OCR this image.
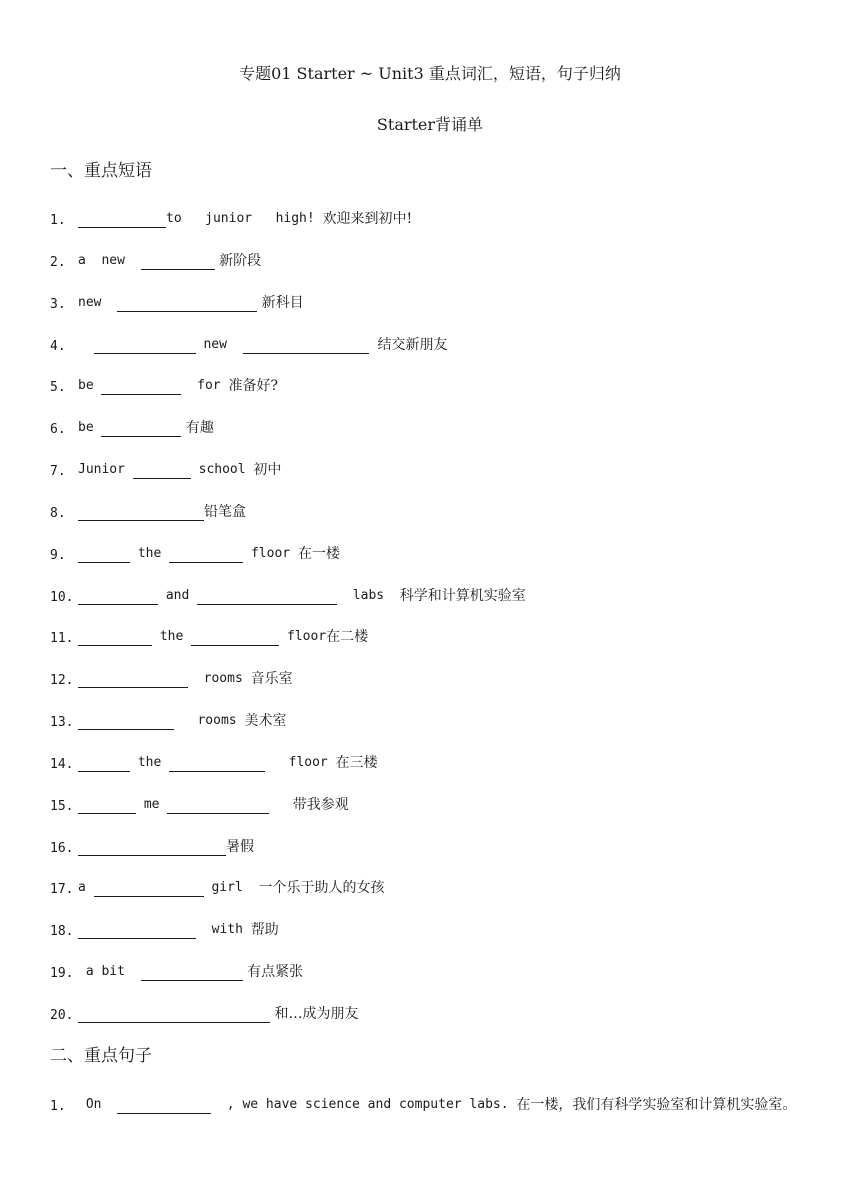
专题01 Starter ~ Unit3 重点词汇，短语，句子归纳
Starter背诵单
一、重点短语
1.	to   junior   high! 欢迎来到初中!
2. a  new	新阶段
3. new	新科目
4.
	new	结交新朋友
5. be	for 准备好?
6. be	有趣
7. Junior	school 初中
8.	铅笔盒
9.	the	floor 在一楼
10.	and	labs 科学和计算机实验室
11.	the	floor 在二楼
12.	rooms 音乐室
13.	rooms 美术室
14.	the	floor 在三楼
15.	me
	带我参观
16.	暑假
17. a	girl 一个乐于助人的女孩
18.	with 帮助
19. a bit	有点紧张
20.	和…成为朋友
二、重点句子
1. On	, we have science and computer labs. 在一楼，我们有科学实验室和计算机实验室。
